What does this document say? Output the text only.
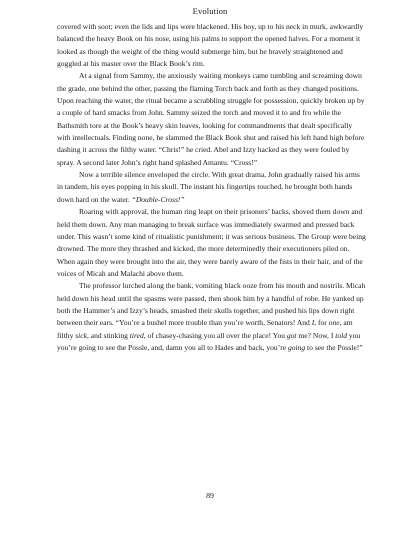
Evolution

covered with soot; even the lids and lips were blackened. His boy, up to his neck in murk, awkwardly balanced the heavy Book on his nose, using his palms to support the opened halves. For a moment it looked as though the weight of the thing would submerge him, but he bravely straightened and goggled at his master over the Black Book’s rim.

At a signal from Sammy, the anxiously waiting monkeys came tumbling and screaming down the grade, one behind the other, passing the flaming Torch back and forth as they changed positions. Upon reaching the water, the ritual became a scrabbling struggle for possession, quickly broken up by a couple of hard smacks from John. Sammy seized the torch and moved it to and fro while the Bathsmith tore at the Book’s heavy skin leaves, looking for commandments that dealt specifically with intellectuals. Finding none, he slammed the Black Book shut and raised his left hand high before dashing it across the filthy water. “Chris!” he cried. Abel and Izzy hacked as they were fouled by spray. A second later John’s right hand splashed Amantu. “Cross!”

Now a terrible silence enveloped the circle. With great drama, John gradually raised his arms in tandem, his eyes popping in his skull. The instant his fingertips touched, he brought both hands down hard on the water. “Double-Cross!”

Roaring with approval, the human ring leapt on their prisoners’ backs, shoved them down and held them down. Any man managing to break surface was immediately swarmed and pressed back under. This wasn’t some kind of ritualistic punishment; it was serious business. The Group were being drowned. The more they thrashed and kicked, the more determinedly their executioners piled on. When again they were brought into the air, they were barely aware of the fists in their hair, and of the voices of Micah and Malachi above them.

The professor lurched along the bank, vomiting black ooze from his mouth and nostrils. Micah held down his head until the spasms were passed, then shook him by a handful of robe. He yanked up both the Hammer’s and Izzy’s heads, smashed their skulls together, and pushed his lips down right between their ears. “You’re a bushel more trouble than you’re worth, Senators! And I, for one, am filthy sick, and stinking tired, of chasey-chasing you all over the place! You got me? Now, I told you you’re going to see the Possle, and, damn you all to Hades and back, you’re going to see the Possle!”

89
